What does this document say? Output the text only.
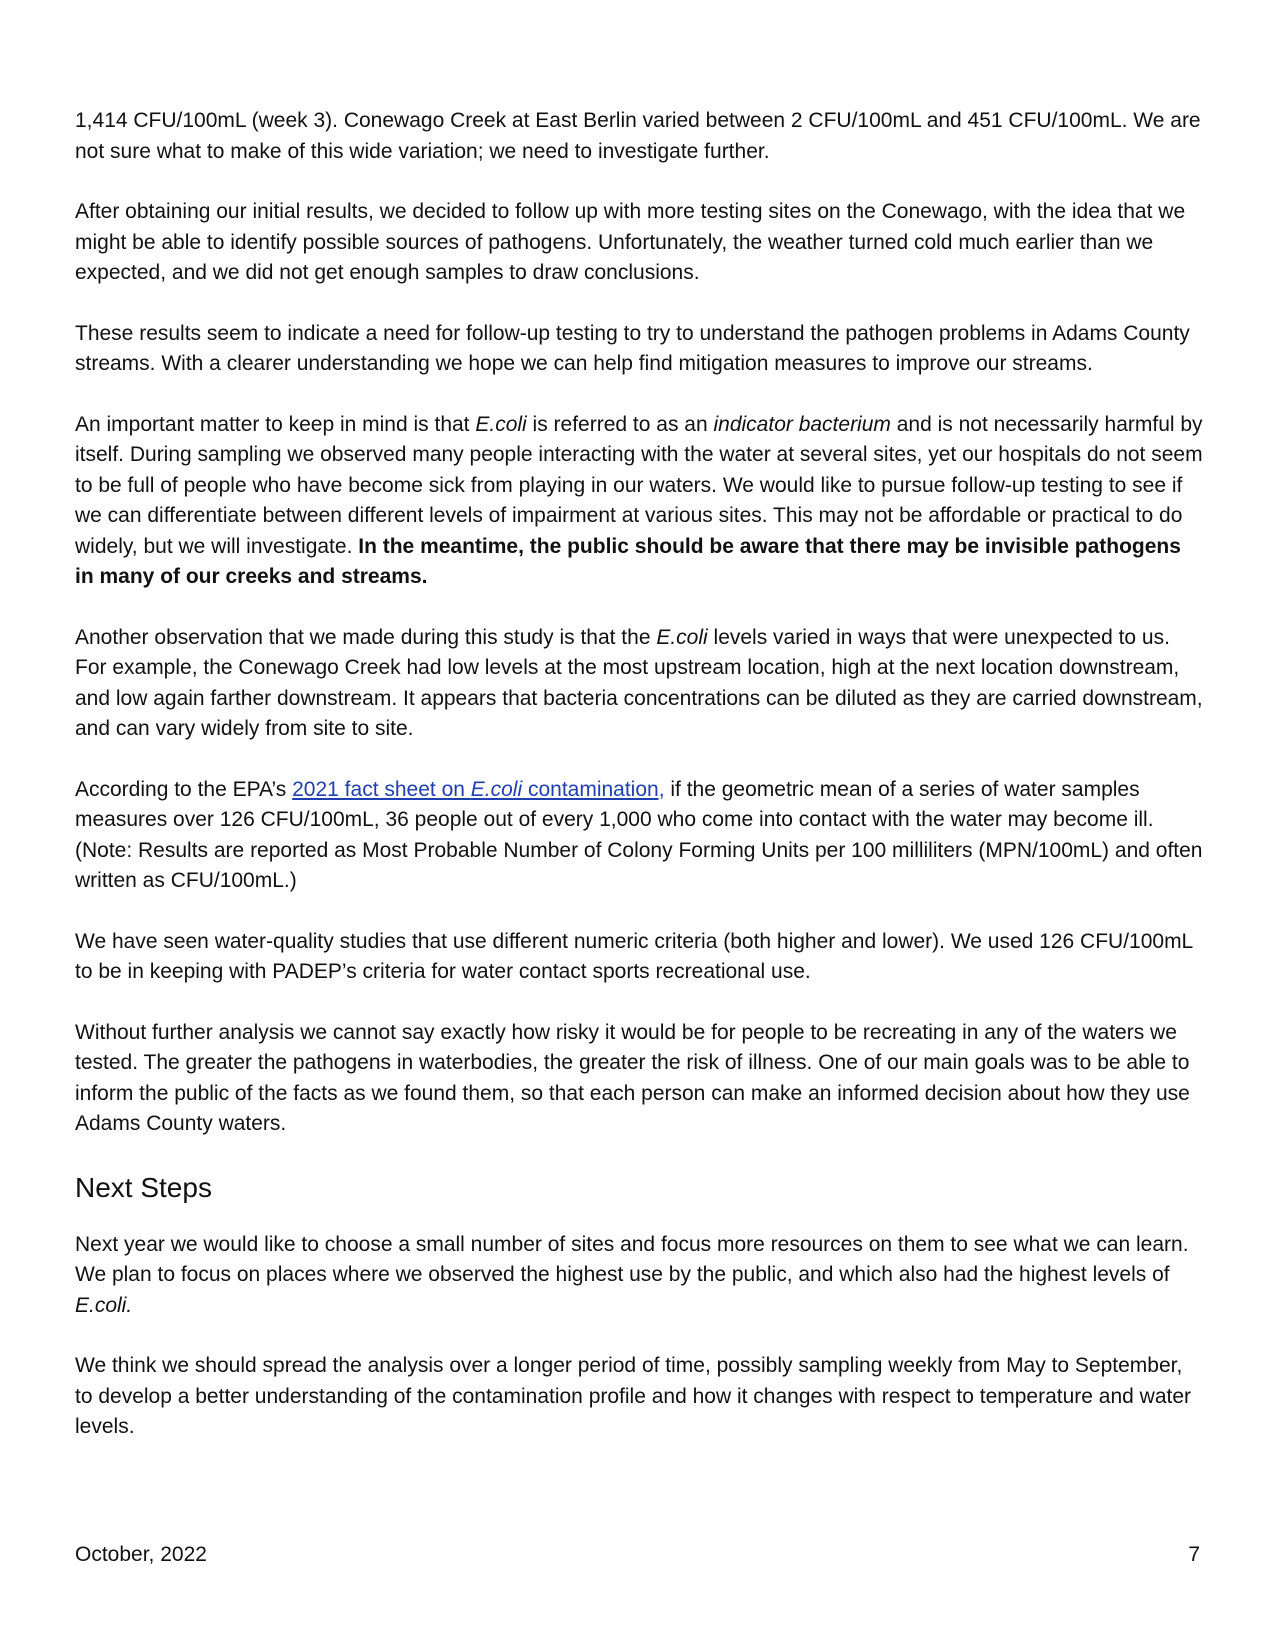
1,414 CFU/100mL (week 3). Conewago Creek at East Berlin varied between 2 CFU/100mL and 451 CFU/100mL. We are not sure what to make of this wide variation; we need to investigate further.

After obtaining our initial results, we decided to follow up with more testing sites on the Conewago, with the idea that we might be able to identify possible sources of pathogens. Unfortunately, the weather turned cold much earlier than we expected, and we did not get enough samples to draw conclusions.

These results seem to indicate a need for follow-up testing to try to understand the pathogen problems in Adams County streams. With a clearer understanding we hope we can help find mitigation measures to improve our streams.

An important matter to keep in mind is that E.coli is referred to as an indicator bacterium and is not necessarily harmful by itself. During sampling we observed many people interacting with the water at several sites, yet our hospitals do not seem to be full of people who have become sick from playing in our waters. We would like to pursue follow-up testing to see if we can differentiate between different levels of impairment at various sites. This may not be affordable or practical to do widely, but we will investigate. In the meantime, the public should be aware that there may be invisible pathogens in many of our creeks and streams.

Another observation that we made during this study is that the E.coli levels varied in ways that were unexpected to us. For example, the Conewago Creek had low levels at the most upstream location, high at the next location downstream, and low again farther downstream. It appears that bacteria concentrations can be diluted as they are carried downstream, and can vary widely from site to site.

According to the EPA’s 2021 fact sheet on E.coli contamination, if the geometric mean of a series of water samples measures over 126 CFU/100mL, 36 people out of every 1,000 who come into contact with the water may become ill. (Note: Results are reported as Most Probable Number of Colony Forming Units per 100 milliliters (MPN/100mL) and often written as CFU/100mL.)

We have seen water-quality studies that use different numeric criteria (both higher and lower). We used 126 CFU/100mL to be in keeping with PADEP’s criteria for water contact sports recreational use.

Without further analysis we cannot say exactly how risky it would be for people to be recreating in any of the waters we tested. The greater the pathogens in waterbodies, the greater the risk of illness. One of our main goals was to be able to inform the public of the facts as we found them, so that each person can make an informed decision about how they use Adams County waters.

Next Steps

Next year we would like to choose a small number of sites and focus more resources on them to see what we can learn. We plan to focus on places where we observed the highest use by the public, and which also had the highest levels of E.coli.

We think we should spread the analysis over a longer period of time, possibly sampling weekly from May to September, to develop a better understanding of the contamination profile and how it changes with respect to temperature and water levels.

October, 2022	7
